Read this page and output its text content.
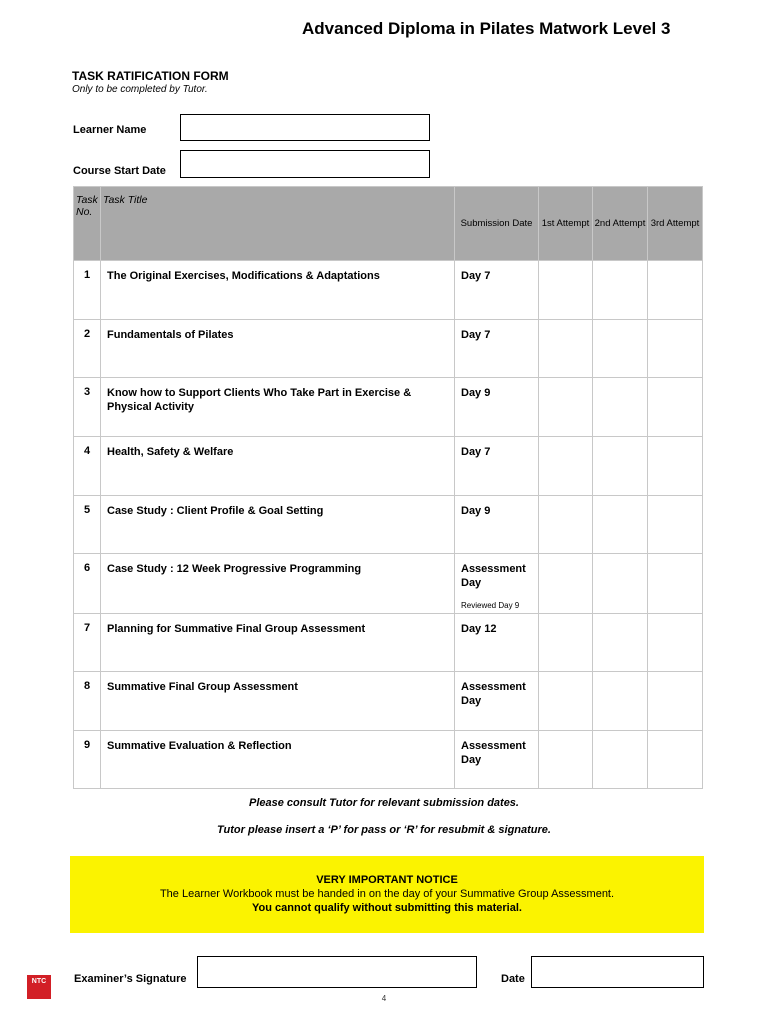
Advanced Diploma in Pilates Matwork Level 3
TASK RATIFICATION FORM
Only to be completed by Tutor.
Learner Name
Course Start Date
Task No.	Task Title	Submission Date	1st Attempt	2nd Attempt	3rd Attempt
1	The Original Exercises, Modifications & Adaptations	Day 7			
2	Fundamentals of Pilates	Day 7			
3	Know how to Support Clients Who Take Part in Exercise & Physical Activity	Day 9			
4	Health, Safety & Welfare	Day 7			
5	Case Study : Client Profile & Goal Setting	Day 9			
6	Case Study : 12 Week Progressive Programming	Assessment Day
Reviewed Day 9			

7	Planning for Summative Final Group Assessment	Day 12			
8	Summative Final Group Assessment	Assessment Day			
9	Summative Evaluation & Reflection	Assessment Day			
Please consult Tutor for relevant submission dates.
Tutor please insert a ‘P’ for pass or ‘R’ for resubmit & signature.
VERY IMPORTANT NOTICE
The Learner Workbook must be handed in on the day of your Summative Group Assessment.
You cannot qualify without submitting this material.
NTC	Examiner’s Signature	Date
4
